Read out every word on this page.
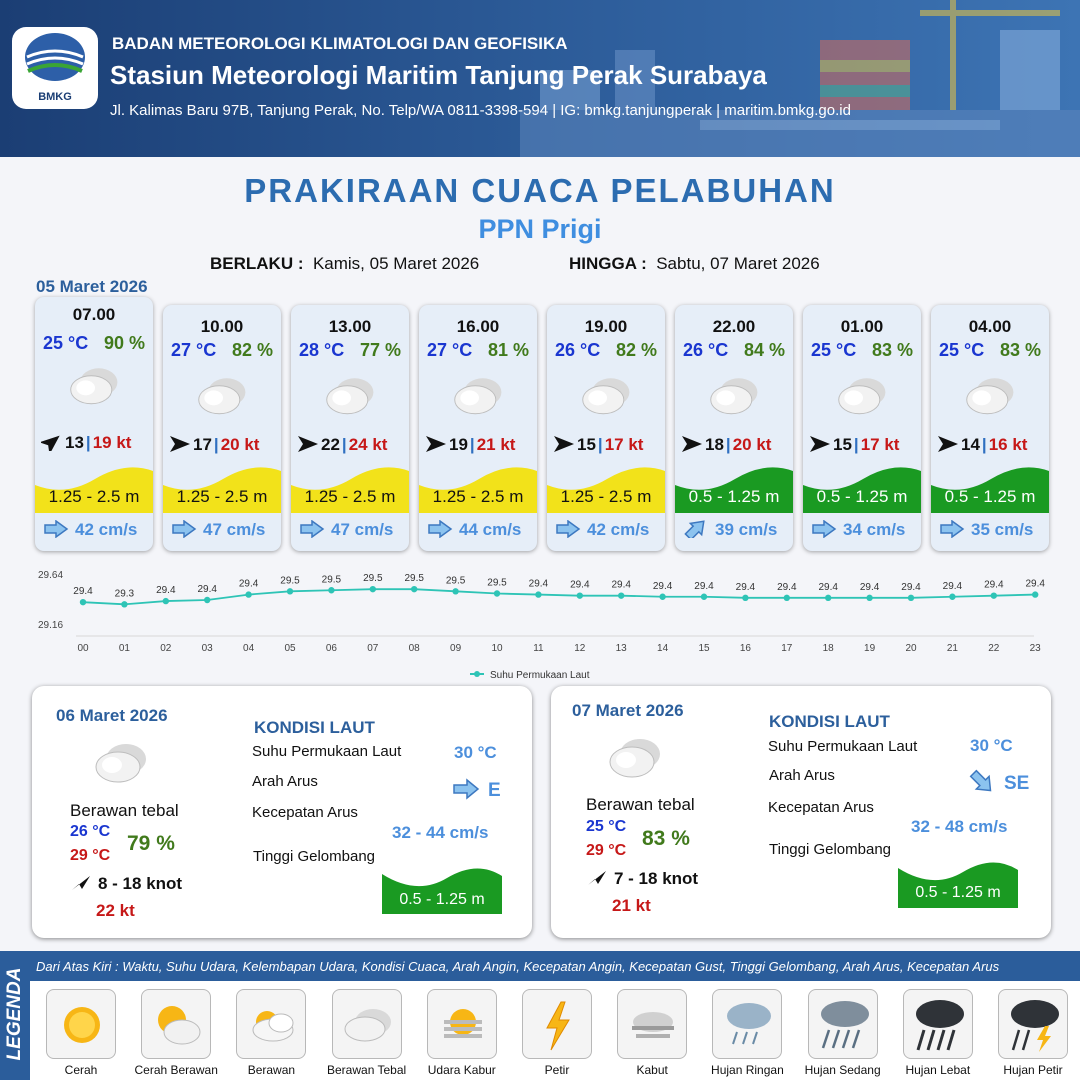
BMKG
BADAN METEOROLOGI KLIMATOLOGI DAN GEOFISIKA
Stasiun Meteorologi Maritim Tanjung Perak Surabaya
Jl. Kalimas Baru 97B, Tanjung Perak, No. Telp/WA 0811-3398-594 | IG: bmkg.tanjungperak | maritim.bmkg.go.id
PRAKIRAAN CUACA PELABUHAN
PPN Prigi
BERLAKU : Kamis, 05 Maret 2026	HINGGA : Sabtu, 07 Maret 2026
05 Maret 2026
07.00
25 °C 90 %
13 | 19 kt
1.25 - 2.5 m
42 cm/s
10.00
27 °C 82 %
17 | 20 kt
1.25 - 2.5 m
47 cm/s
13.00
28 °C 77 %
22 | 24 kt
1.25 - 2.5 m
47 cm/s
16.00
27 °C 81 %
19 | 21 kt
1.25 - 2.5 m
44 cm/s
19.00
26 °C 82 %
15 | 17 kt
1.25 - 2.5 m
42 cm/s
22.00
26 °C 84 %
18 | 20 kt
0.5 - 1.25 m
39 cm/s
01.00
25 °C 83 %
15 | 17 kt
0.5 - 1.25 m
34 cm/s
04.00
25 °C 83 %
14 | 16 kt
0.5 - 1.25 m
35 cm/s
29.64
29.16
29.4
00
29.3
01
29.4
02
29.4
03
29.4
04
29.5
05
29.5
06
29.5
07
29.5
08
29.5
09
29.5
10
29.4
11
29.4
12
29.4
13
29.4
14
29.4
15
29.4
16
29.4
17
29.4
18
29.4
19
29.4
20
29.4
21
29.4
22
29.4
23
Suhu Permukaan Laut
06 Maret 2026
Berawan tebal
26 °C
29 °C
79 %
8 - 18 knot
22 kt
KONDISI LAUT
Suhu Permukaan Laut	30 °C
Arah Arus	E
Kecepatan Arus
32 - 44 cm/s
Tinggi Gelombang
0.5 - 1.25 m
07 Maret 2026
Berawan tebal
25 °C
29 °C
83 %
7 - 18 knot
21 kt
KONDISI LAUT
Suhu Permukaan Laut	30 °C
Arah Arus	SE
Kecepatan Arus
32 - 48 cm/s
Tinggi Gelombang
0.5 - 1.25 m
LEGENDA
Dari Atas Kiri : Waktu, Suhu Udara, Kelembapan Udara, Kondisi Cuaca, Arah Angin, Kecepatan Angin, Kecepatan Gust, Tinggi Gelombang, Arah Arus, Kecepatan Arus
Cerah	Cerah Berawan	Berawan	Berawan Tebal	Udara Kabur	Petir	Kabut	Hujan Ringan	Hujan Sedang	Hujan Lebat	Hujan Petir
